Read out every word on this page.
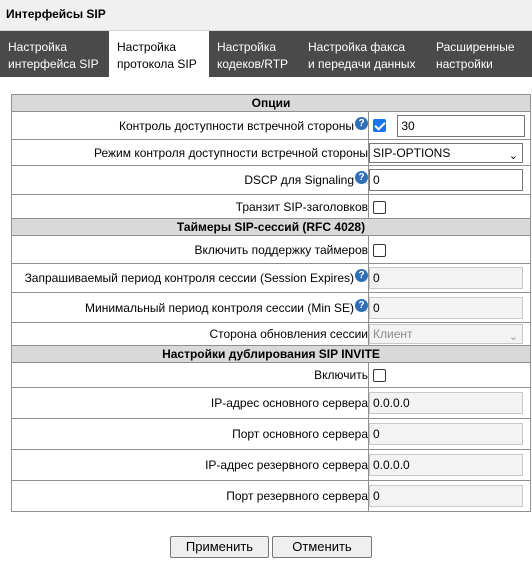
Интерфейсы SIP
Настройка
интерфейса SIP
Настройка
протокола SIP
Настройка
кодеков/RTP
Настройка факса
и передачи данных
Расширенные
настройки
Опции	
Контроль доступности встречной стороны ?	30
Режим контроля доступности встречной стороны	SIP-OPTIONS ⌄

DSCP для Signaling ?	0
Транзит SIP-заголовков	
Таймеры SIP-сессий (RFC 4028)	
Включить поддержку таймеров	
Запрашиваемый период контроля сессии (Session Expires) ?	0
Минимальный период контроля сессии (Min SE) ?	0
Сторона обновления сессии	Клиент ⌄

Настройки дублирования SIP INVITE	
Включить	
IP-адрес основного сервера	0.0.0.0
Порт основного сервера	0
IP-адрес резервного сервера	0.0.0.0
Порт резервного сервера	0
Применить	Отменить
